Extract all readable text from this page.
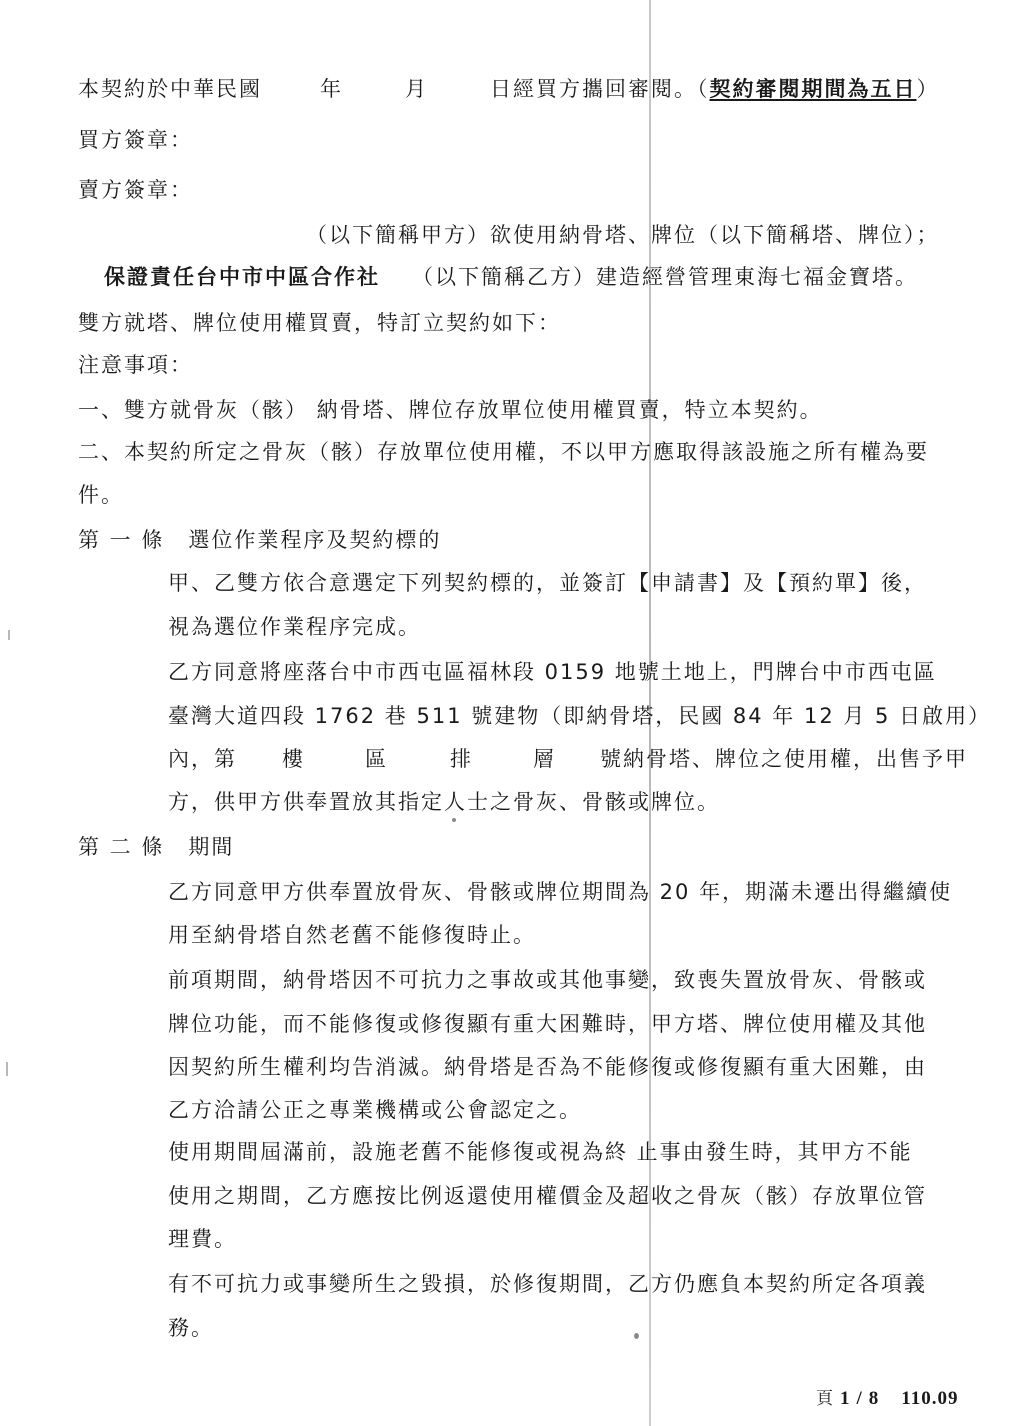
本契約於中華民國	年	月	日經買方攜回審閱。（契約審閱期間為五日）
買方簽章：
賣方簽章：
（以下簡稱甲方）欲使用納骨塔、牌位（以下簡稱塔、牌位）；
保證責任台中市中區合作社 （以下簡稱乙方）建造經營管理東海七福金寶塔。
雙方就塔、牌位使用權買賣，特訂立契約如下：
注意事項：
一、雙方就骨灰（骸） 納骨塔、牌位存放單位使用權買賣，特立本契約。
二、本契約所定之骨灰（骸）存放單位使用權，不以甲方應取得該設施之所有權為要
件。
第 一 條 選位作業程序及契約標的
甲、乙雙方依合意選定下列契約標的，並簽訂【申請書】及【預約單】後，
視為選位作業程序完成。
乙方同意將座落台中市西屯區福林段 0159 地號土地上，門牌台中市西屯區
臺灣大道四段 1762 巷 511 號建物（即納骨塔，民國 84 年 12 月 5 日啟用）
內，第 樓	區	排	層 號納骨塔、牌位之使用權，出售予甲
方，供甲方供奉置放其指定人士之骨灰、骨骸或牌位。
第 二 條 期間
乙方同意甲方供奉置放骨灰、骨骸或牌位期間為 20 年，期滿未遷出得繼續使
用至納骨塔自然老舊不能修復時止。
前項期間，納骨塔因不可抗力之事故或其他事變，致喪失置放骨灰、骨骸或
牌位功能，而不能修復或修復顯有重大困難時，甲方塔、牌位使用權及其他
因契約所生權利均告消滅。納骨塔是否為不能修復或修復顯有重大困難，由
乙方洽請公正之專業機構或公會認定之。
使用期間屆滿前，設施老舊不能修復或視為終 止事由發生時，其甲方不能
使用之期間，乙方應按比例返還使用權價金及超收之骨灰（骸）存放單位管
理費。
有不可抗力或事變所生之毀損，於修復期間，乙方仍應負本契約所定各項義
務。
頁 1 / 8 110.09
